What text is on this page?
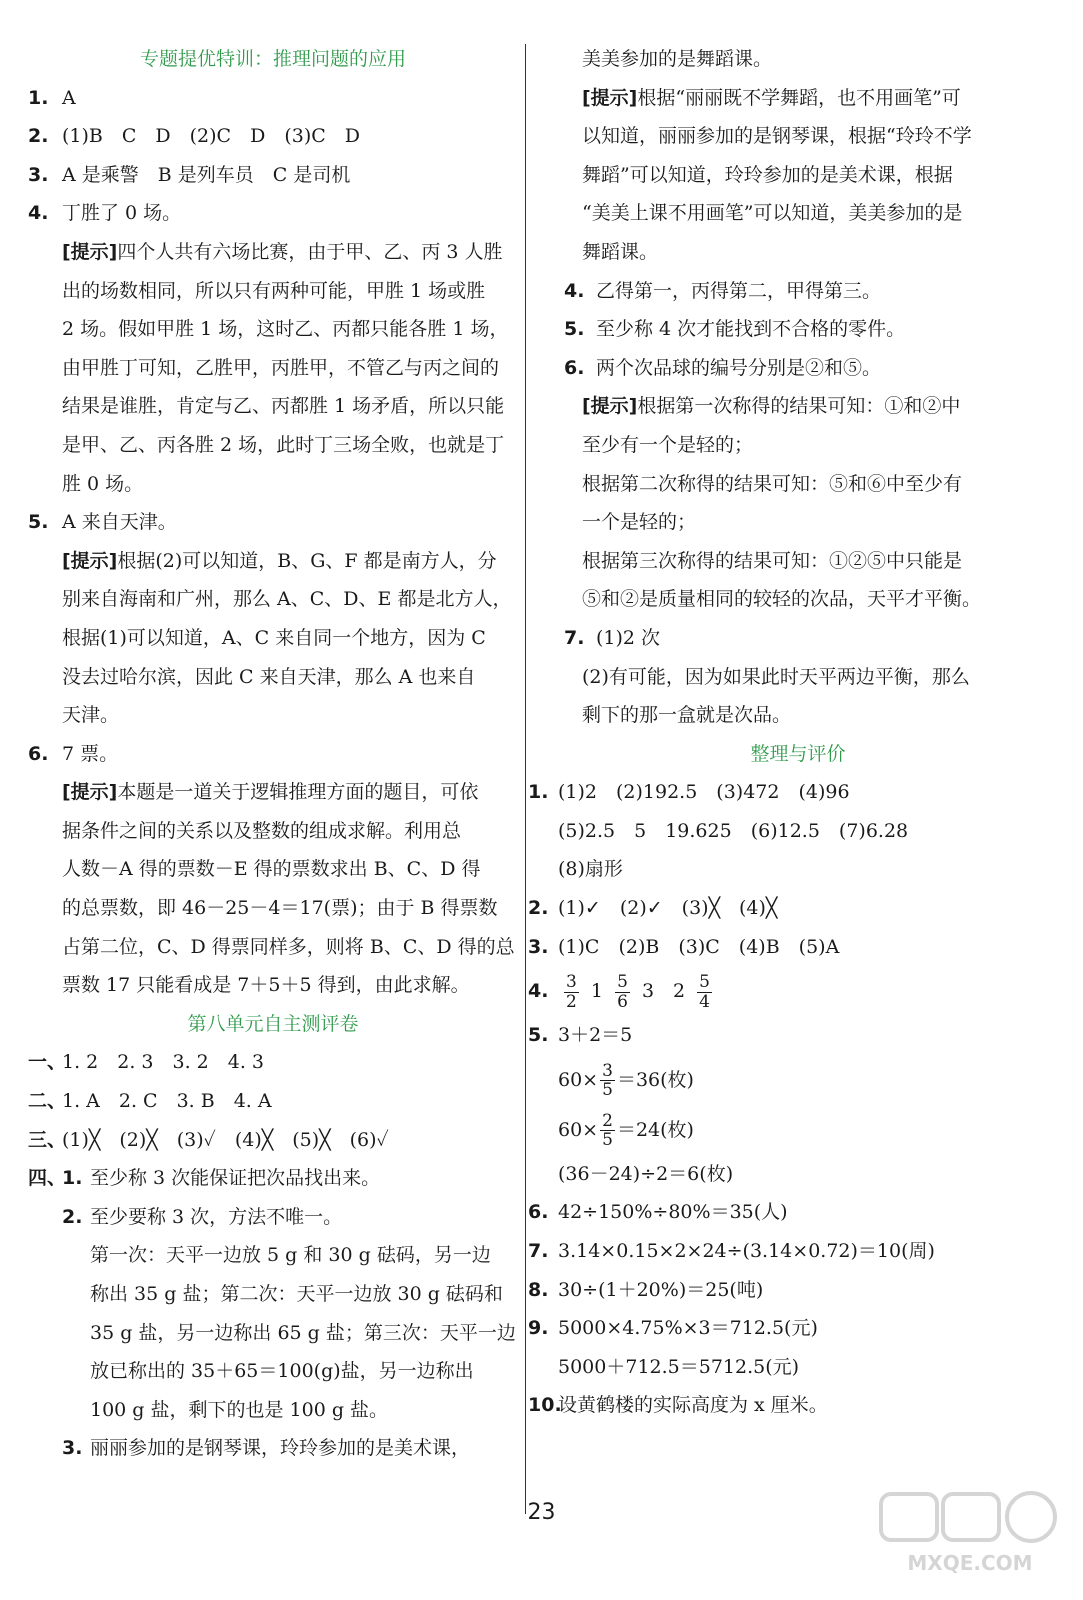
专题提优特训：推理问题的应用
1. A
2. (1)B　C　D　(2)C　D　(3)C　D
3. A 是乘警　B 是列车员　C 是司机
4. 丁胜了 0 场。
[提示]四个人共有六场比赛，由于甲、乙、丙 3 人胜
出的场数相同，所以只有两种可能，甲胜 1 场或胜
2 场。假如甲胜 1 场，这时乙、丙都只能各胜 1 场，
由甲胜丁可知，乙胜甲，丙胜甲，不管乙与丙之间的
结果是谁胜，肯定与乙、丙都胜 1 场矛盾，所以只能
是甲、乙、丙各胜 2 场，此时丁三场全败，也就是丁
胜 0 场。
5. A 来自天津。
[提示]根据(2)可以知道，B、G、F 都是南方人，分
别来自海南和广州，那么 A、C、D、E 都是北方人，
根据(1)可以知道，A、C 来自同一个地方，因为 C
没去过哈尔滨，因此 C 来自天津，那么 A 也来自
天津。
6. 7 票。
[提示]本题是一道关于逻辑推理方面的题目，可依
据条件之间的关系以及整数的组成求解。利用总
人数－A 得的票数－E 得的票数求出 B、C、D 得
的总票数，即 46－25－4＝17(票)；由于 B 得票数
占第二位，C、D 得票同样多，则将 B、C、D 得的总
票数 17 只能看成是 7＋5＋5 得到，由此求解。
第八单元自主测评卷
一、1. 2　2. 3　3. 2　4. 3
二、1. A　2. C　3. B　4. A
三、(1)╳　(2)╳　(3)✓　(4)╳　(5)╳　(6)✓
四、1. 至少称 3 次能保证把次品找出来。
2. 至少要称 3 次，方法不唯一。
第一次：天平一边放 5 g 和 30 g 砝码，另一边
称出 35 g 盐；第二次：天平一边放 30 g 砝码和
35 g 盐，另一边称出 65 g 盐；第三次：天平一边
放已称出的 35＋65＝100(g)盐，另一边称出
100 g 盐，剩下的也是 100 g 盐。
3. 丽丽参加的是钢琴课，玲玲参加的是美术课，
美美参加的是舞蹈课。
[提示]根据“丽丽既不学舞蹈，也不用画笔”可
以知道，丽丽参加的是钢琴课，根据“玲玲不学
舞蹈”可以知道，玲玲参加的是美术课，根据
“美美上课不用画笔”可以知道，美美参加的是
舞蹈课。
4. 乙得第一，丙得第二，甲得第三。
5. 至少称 4 次才能找到不合格的零件。
6. 两个次品球的编号分别是②和⑤。
[提示]根据第一次称得的结果可知：①和②中
至少有一个是轻的；
根据第二次称得的结果可知：⑤和⑥中至少有
一个是轻的；
根据第三次称得的结果可知：①②⑤中只能是
⑤和②是质量相同的较轻的次品，天平才平衡。
7. (1)2 次
(2)有可能，因为如果此时天平两边平衡，那么
剩下的那一盒就是次品。
整理与评价
1. (1)2　(2)192.5　(3)472　(4)96
(5)2.5　5　19.625　(6)12.5　(7)6.28
(8)扇形
2. (1)✓　(2)✓　(3)╳　(4)╳
3. (1)C　(2)B　(3)C　(4)B　(5)A
4. $\frac{3}{2} 1 \frac{5}{6} 3$　$2 \frac{5}{4}$
5. 3＋2＝5
$60\times \frac{3}{5} =36$(枚)
$60\times \frac{2}{5} =24$(枚)
(36－24)÷2＝6(枚)
6. 42÷150%÷80%＝35(人)
7. 3.14×0.15×2×24÷(3.14×0.72)＝10(周)
8. 30÷(1＋20%)＝25(吨)
9. 5000×4.75%×3＝712.5(元)
5000＋712.5＝5712.5(元)
10.设黄鹤楼的实际高度为 x 厘米。
23
MXQE.COM
